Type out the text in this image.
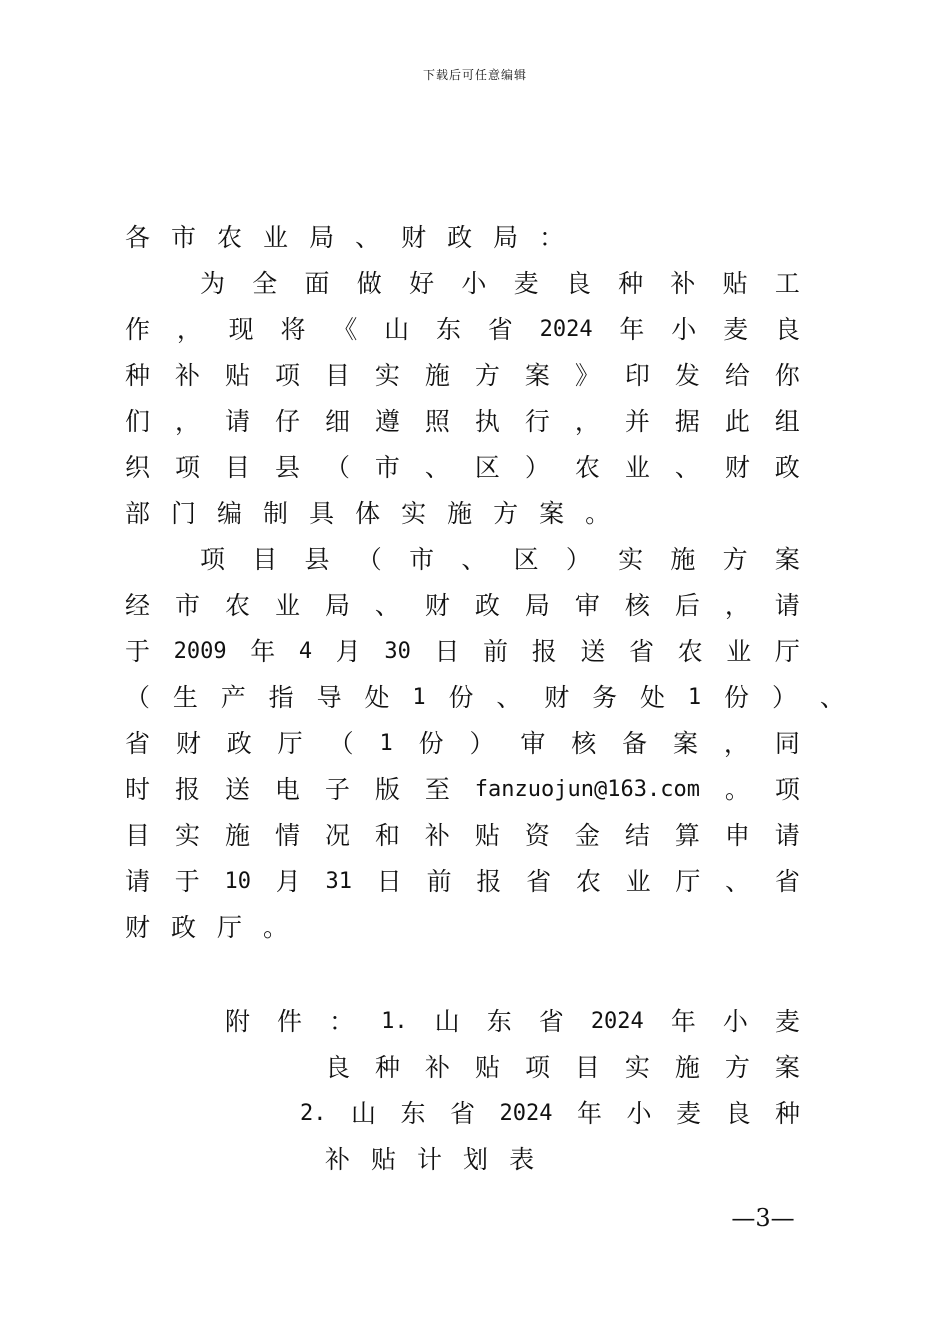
下载后可任意编辑
各 市 农 业 局 、 财 政 局 ：
为 全 面 做 好 小 麦 良 种 补 贴 工
作 ， 现 将 《 山 东 省 2024 年 小 麦 良
种 补 贴 项 目 实 施 方 案 》 印 发 给 你
们 ， 请 仔 细 遵 照 执 行 ， 并 据 此 组
织 项 目 县 （ 市 、 区 ） 农 业 、 财 政
部 门 编 制 具 体 实 施 方 案 。
项 目 县 （ 市 、 区 ） 实 施 方 案
经 市 农 业 局 、 财 政 局 审 核 后 ， 请
于 2009 年 4 月 30 日 前 报 送 省 农 业 厅
（ 生 产 指 导 处 1 份 、 财 务 处 1 份 ） 、
省 财 政 厅 （ 1 份 ） 审 核 备 案 ， 同
时 报 送 电 子 版 至 fanzuojun@163.com 。 项
目 实 施 情 况 和 补 贴 资 金 结 算 申 请
请 于 10 月 31 日 前 报 省 农 业 厅 、 省
财 政 厅 。
附 件 ： 1. 山 东 省 2024 年 小 麦
良 种 补 贴 项 目 实 施 方 案
2. 山 东 省 2024 年 小 麦 良 种
补 贴 计 划 表
—3—
